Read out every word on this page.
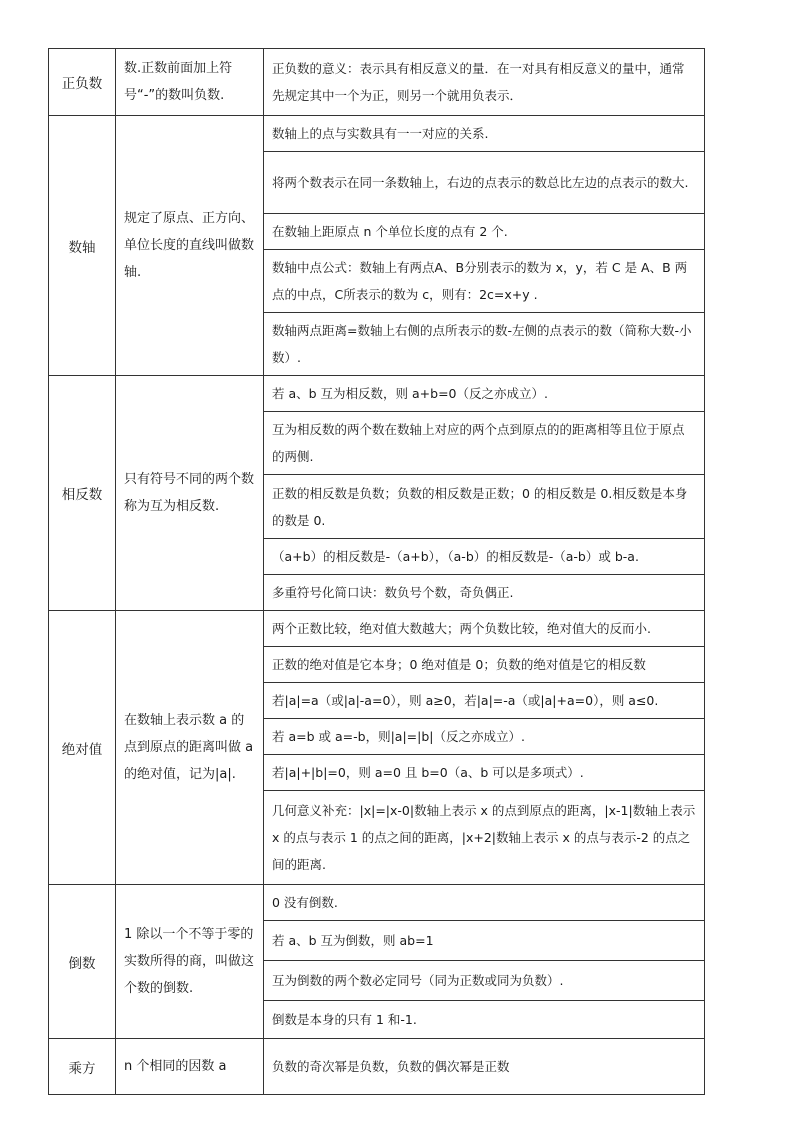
正负数	数.正数前面加上符号“-”的数叫负数.	正负数的意义：表示具有相反意义的量．在一对具有相反意义的量中，通常先规定其中一个为正，则另一个就用负表示．
数轴	规定了原点、正方向、单位长度的直线叫做数轴.	数轴上的点与实数具有一一对应的关系.
		将两个数表示在同一条数轴上，右边的点表示的数总比左边的点表示的数大.
		在数轴上距原点 n 个单位长度的点有 2 个.
		数轴中点公式：数轴上有两点A、B分别表示的数为 x，y，若 C 是 A、B 两点的中点，C所表示的数为 c，则有：2c=x+y .
		数轴两点距离=数轴上右侧的点所表示的数-左侧的点表示的数（简称大数-小数）.
相反数	只有符号不同的两个数称为互为相反数.	若 a、b 互为相反数，则 a+b=0（反之亦成立）.
		互为相反数的两个数在数轴上对应的两个点到原点的的距离相等且位于原点的两侧.
		正数的相反数是负数；负数的相反数是正数；0 的相反数是 0.相反数是本身的数是 0.
		（a+b）的相反数是-（a+b），（a-b）的相反数是-（a-b）或 b-a.
		多重符号化简口诀：数负号个数，奇负偶正.
绝对值	在数轴上表示数 a 的点到原点的距离叫做 a 的绝对值，记为|a|.	两个正数比较，绝对值大数越大；两个负数比较，绝对值大的反而小.
		正数的绝对值是它本身；0 绝对值是 0；负数的绝对值是它的相反数
		若|a|=a（或|a|-a=0），则 a≥0，若|a|=-a（或|a|+a=0），则 a≤0.
		若 a=b 或 a=-b，则|a|=|b|（反之亦成立）.
		若|a|+|b|=0，则 a=0 且 b=0（a、b 可以是多项式）.
		几何意义补充：|x|=|x-0|数轴上表示 x 的点到原点的距离，|x-1|数轴上表示 x 的点与表示 1 的点之间的距离，|x+2|数轴上表示 x 的点与表示-2 的点之间的距离.
倒数	1 除以一个不等于零的实数所得的商，叫做这个数的倒数.	0 没有倒数.
		若 a、b 互为倒数，则 ab=1
		互为倒数的两个数必定同号（同为正数或同为负数）.
		倒数是本身的只有 1 和-1.
乘方	n 个相同的因数 a	负数的奇次幂是负数，负数的偶次幂是正数
